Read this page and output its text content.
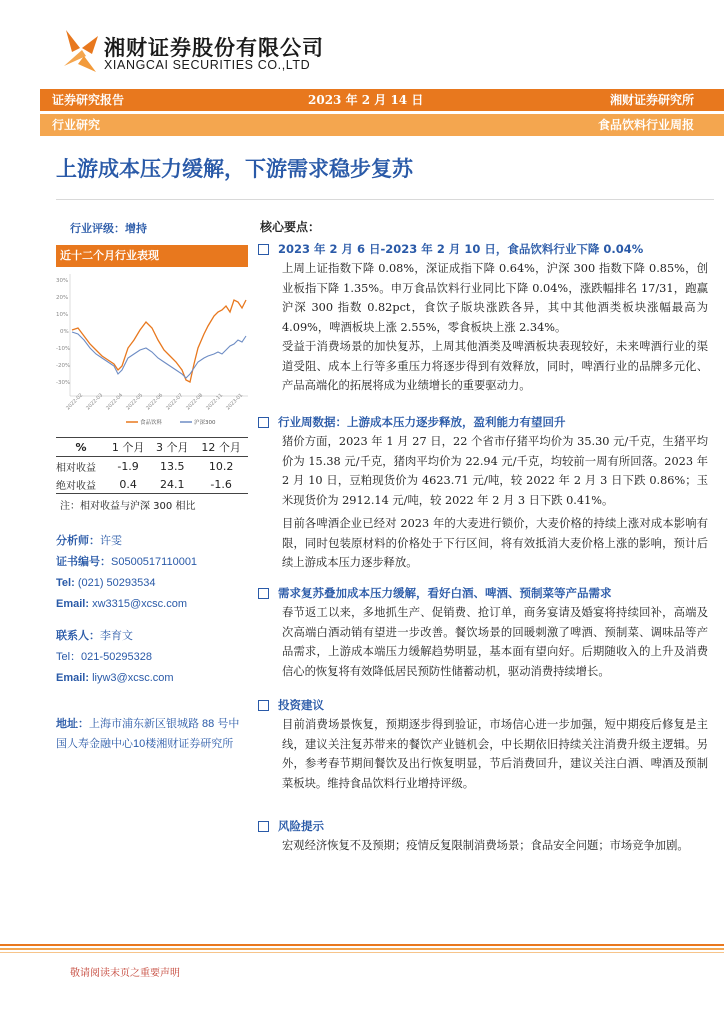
湘财证券股份有限公司
XIANGCAI SECURITIES CO.,LTD
证券研究报告	2023 年 2 月 14 日	湘财证券研究所
行业研究	食品饮料行业周报
上游成本压力缓解，下游需求稳步复苏
行业评级：增持
近十二个月行业表现
30%
20%
10%
0%
-10%
-20%
-30%
2022-02 2022-03 2022-04 2022-05 2022-06 2022-07 2022-08 2022-11 2023-01
食品饮料	沪深300
%	1 个月	3 个月	12 个月
相对收益	-1.9	13.5	10.2
绝对收益	0.4	24.1	-1.6
注：相对收益与沪深 300 相比
分析师：许雯
证书编号：S0500517110001
Tel: (021) 50293534
Email: xw3315@xcsc.com
联系人：李育文
Tel：021-50295328
Email: liyw3@xcsc.com
地址：上海市浦东新区银城路 88 号中国人寿金融中心10楼湘财证券研究所
核心要点：
2023 年 2 月 6 日-2023 年 2 月 10 日，食品饮料行业下降 0.04%
上周上证指数下降 0.08%，深证成指下降 0.64%，沪深 300 指数下降 0.85%，创业板指下降 1.35%。申万食品饮料行业同比下降 0.04%，涨跌幅排名 17/31，跑赢沪深 300 指数 0.82pct，食饮子版块涨跌各异，其中其他酒类板块涨幅最高为 4.09%，啤酒板块上涨 2.55%，零食板块上涨 2.34%。
受益于消费场景的加快复苏，上周其他酒类及啤酒板块表现较好，未来啤酒行业的渠道受阻、成本上行等多重压力将逐步得到有效释放，同时，啤酒行业的品牌多元化、产品高端化的拓展将成为业绩增长的重要驱动力。
行业周数据：上游成本压力逐步释放，盈利能力有望回升
猪价方面，2023 年 1 月 27 日，22 个省市仔猪平均价为 35.30 元/千克，生猪平均价为 15.38 元/千克，猪肉平均价为 22.94 元/千克，均较前一周有所回落。2023 年 2 月 10 日，豆粕现货价为 4623.71 元/吨，较 2022 年 2 月 3 日下跌 0.86%；玉米现货价为 2912.14 元/吨，较 2022 年 2 月 3 日下跌 0.41%。
目前各啤酒企业已经对 2023 年的大麦进行锁价，大麦价格的持续上涨对成本影响有限，同时包装原材料的价格处于下行区间，将有效抵消大麦价格上涨的影响，预计后续上游成本压力逐步释放。
需求复苏叠加成本压力缓解，看好白酒、啤酒、预制菜等产品需求
春节返工以来，多地抓生产、促销费、抢订单，商务宴请及婚宴将持续回补，高端及次高端白酒动销有望进一步改善。餐饮场景的回暖刺激了啤酒、预制菜、调味品等产品需求，上游成本端压力缓解趋势明显，基本面有望向好。后期随收入的上升及消费信心的恢复将有效降低居民预防性储蓄动机，驱动消费持续增长。
投资建议
目前消费场景恢复，预期逐步得到验证，市场信心进一步加强，短中期疫后修复是主线，建议关注复苏带来的餐饮产业链机会，中长期依旧持续关注消费升级主逻辑。另外，参考春节期间餐饮及出行恢复明显，节后消费回升，建议关注白酒、啤酒及预制菜板块。维持食品饮料行业增持评级。
风险提示
宏观经济恢复不及预期；疫情反复限制消费场景；食品安全问题；市场竞争加剧。
敬请阅读末页之重要声明
